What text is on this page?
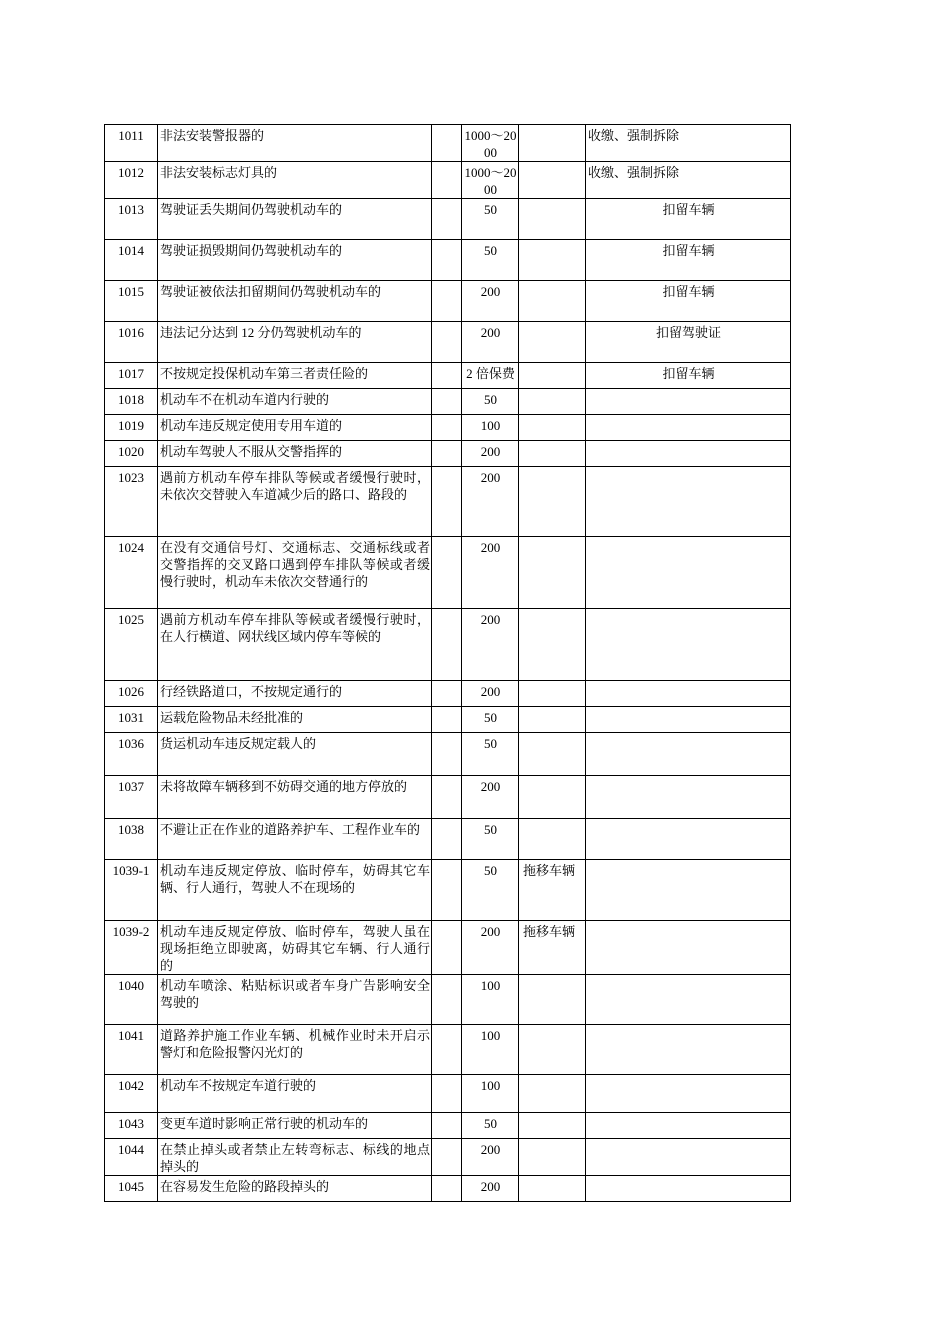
1011	非法安装警报器的		1000～2000		收缴、强制拆除
1012	非法安装标志灯具的		1000～2000		收缴、强制拆除
1013	驾驶证丢失期间仍驾驶机动车的		50		扣留车辆
1014	驾驶证损毁期间仍驾驶机动车的		50		扣留车辆
1015	驾驶证被依法扣留期间仍驾驶机动车的		200		扣留车辆
1016	违法记分达到 12 分仍驾驶机动车的		200		扣留驾驶证
1017	不按规定投保机动车第三者责任险的		2 倍保费		扣留车辆
1018	机动车不在机动车道内行驶的		50		
1019	机动车违反规定使用专用车道的		100		
1020	机动车驾驶人不服从交警指挥的		200		
1023	遇前方机动车停车排队等候或者缓慢行驶时，未依次交替驶入车道减少后的路口、路段的		200		
1024	在没有交通信号灯、交通标志、交通标线或者交警指挥的交叉路口遇到停车排队等候或者缓慢行驶时，机动车未依次交替通行的		200		
1025	遇前方机动车停车排队等候或者缓慢行驶时，在人行横道、网状线区域内停车等候的		200		
1026	行经铁路道口，不按规定通行的		200		
1031	运载危险物品未经批准的		50		
1036	货运机动车违反规定载人的		50		
1037	未将故障车辆移到不妨碍交通的地方停放的		200		
1038	不避让正在作业的道路养护车、工程作业车的		50		
1039-1	机动车违反规定停放、临时停车，妨碍其它车辆、行人通行，驾驶人不在现场的		50	拖移车辆	
1039-2	机动车违反规定停放、临时停车，驾驶人虽在现场拒绝立即驶离，妨碍其它车辆、行人通行的		200	拖移车辆	
1040	机动车喷涂、粘贴标识或者车身广告影响安全驾驶的		100		
1041	道路养护施工作业车辆、机械作业时未开启示警灯和危险报警闪光灯的		100		
1042	机动车不按规定车道行驶的		100		
1043	变更车道时影响正常行驶的机动车的		50		
1044	在禁止掉头或者禁止左转弯标志、标线的地点掉头的		200		
1045	在容易发生危险的路段掉头的		200		
